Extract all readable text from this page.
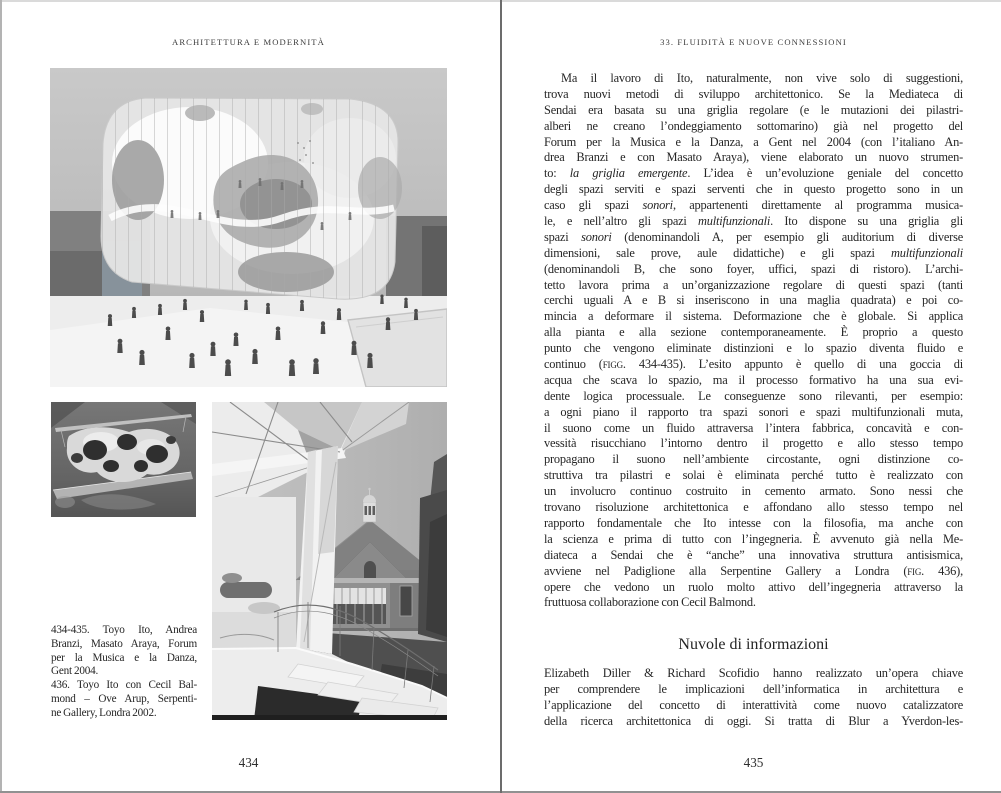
ARCHITETTURA E MODERNITÀ
434-435. Toyo Ito, Andrea
Branzi, Masato Araya, Forum
per la Musica e la Danza,
Gent 2004.
436. Toyo Ito con Cecil Bal-
mond – Ove Arup, Serpenti-
ne Gallery, Londra 2002.
434
33. FLUIDITÀ E NUOVE CONNESSIONI
Ma il lavoro di Ito, naturalmente, non vive solo di suggestioni,
trova nuovi metodi di sviluppo architettonico. Se la Mediateca di
Sendai era basata su una griglia regolare (e le mutazioni dei pilastri-
alberi ne creano l’ondeggiamento sottomarino) già nel progetto del
Forum per la Musica e la Danza, a Gent nel 2004 (con l’italiano An-
drea Branzi e con Masato Araya), viene elaborato un nuovo strumen-
to: la griglia emergente. L’idea è un’evoluzione geniale del concetto
degli spazi serviti e spazi serventi che in questo progetto sono in un
caso gli spazi sonori, appartenenti direttamente al programma musica-
le, e nell’altro gli spazi multifunzionali. Ito dispone su una griglia gli
spazi sonori (denominandoli A, per esempio gli auditorium di diverse
dimensioni, sale prove, aule didattiche) e gli spazi multifunzionali
(denominandoli B, che sono foyer, uffici, spazi di ristoro). L’archi-
tetto lavora prima a un’organizzazione regolare di questi spazi (tanti
cerchi uguali A e B si inseriscono in una maglia quadrata) e poi co-
mincia a deformare il sistema. Deformazione che è globale. Si applica
alla pianta e alla sezione contemporaneamente. È proprio a questo
punto che vengono eliminate distinzioni e lo spazio diventa fluido e
continuo (figg. 434-435). L’esito appunto è quello di una goccia di
acqua che scava lo spazio, ma il processo formativo ha una sua evi-
dente logica processuale. Le conseguenze sono rilevanti, per esempio:
a ogni piano il rapporto tra spazi sonori e spazi multifunzionali muta,
il suono come un fluido attraversa l’intera fabbrica, concavità e con-
vessità risucchiano l’intorno dentro il progetto e allo stesso tempo
propagano il suono nell’ambiente circostante, ogni distinzione co-
struttiva tra pilastri e solai è eliminata perché tutto è realizzato con
un involucro continuo costruito in cemento armato. Sono nessi che
trovano risoluzione architettonica e affondano allo stesso tempo nel
rapporto fondamentale che Ito intesse con la filosofia, ma anche con
la scienza e prima di tutto con l’ingegneria. È avvenuto già nella Me-
diateca a Sendai che è “anche” una innovativa struttura antisismica,
avviene nel Padiglione alla Serpentine Gallery a Londra (fig. 436),
opere che vedono un ruolo molto attivo dell’ingegneria attraverso la
fruttuosa collaborazione con Cecil Balmond.
Nuvole di informazioni
Elizabeth Diller & Richard Scofidio hanno realizzato un’opera chiave
per comprendere le implicazioni dell’informatica in architettura e
l’applicazione del concetto di interattività come nuovo catalizzatore
della ricerca architettonica di oggi. Si tratta di Blur a Yverdon-les-
435
